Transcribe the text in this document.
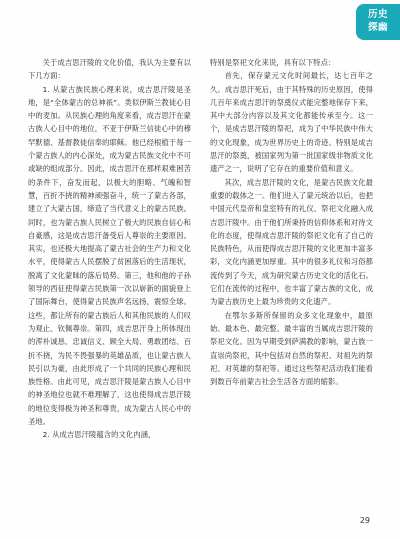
历史
探幽

关于成吉思汗陵的文化价值，我认为主要有以下几方面：

1. 从蒙古族民族心理来说，成吉思汗陵是圣地，是“全体蒙古的总神祇”。类似伊斯兰教徒心目中的麦加。从民族心理的角度来看，成吉思汗在蒙古族人心目中的地位，不亚于伊斯兰信徒心中的穆罕默德、基督教徒信奉的耶稣。他已经根植于每一个蒙古族人的内心深处，成为蒙古民族文化中不可或缺的组成部分。因此，成吉思汗在那样艰难困苦的条件下，奋发而起，以极大的胆略、气魄和智慧，百折不挠的精神顽强奋斗，统一了蒙古各部，建立了大蒙古国，缔造了当代意义上的蒙古民族。同时，也为蒙古族人民树立了极大的民族自信心和自豪感，这是成吉思汗备受后人尊崇的主要原因。其实，也还极大地提高了蒙古社会的生产力和文化水平，使得蒙古人民摆脱了贫困落后的生活现状，脱离了文化蒙昧的落后局势。第三，他和他的子孙领导的西征使得蒙古民族第一次以崭新的面貌登上了国际舞台，使得蒙古民族声名远扬，震惊全球。这些，都让所有的蒙古族后人和其他民族的人们叹为观止、钦佩尊崇。第四，成吉思汗身上所体现出的浑朴诚恳、忠诚信义、顾全大局、勇敢团结、百折不挠，为民不畏强暴的英雄品质，也让蒙古族人民引以为豪，由此形成了一个共同的民族心理和民族性格。由此可见，成吉思汗陵是蒙古族人心目中的神圣地位也就不难理解了，这也使得成吉思汗陵的地位变得极为神圣和尊贵，成为蒙古人民心中的圣地。

2. 从成吉思汗陵蕴含的文化内涵，

特别是祭祀文化来说，具有以下特点：

首先，保存蒙元文化时间最长，达七百年之久。成吉思汗死后，由于其特殊的历史原因，使得几百年来成吉思汗的祭奠仪式能完整地保存下来，其中大部分内容以及其文化都能传承至今。这一个，是成吉思汗陵的祭祀，成为了中华民族中伟大的文化现象，成为世界历史上的奇迹。特别是成吉思汗的祭奠，被国家列为第一批国家级非物质文化遗产之一，说明了它存在的重要价值和意义。

其次，成吉思汗陵的文化，是蒙古民族文化最重要的载体之一。他们进入了蒙元统治以后，也把中国元代皇帝和皇室特有的礼仪、祭祀文化融入成吉思汗陵中。由于他们所秉持的信仰体系和对待文化的态度，使得成吉思汗陵的祭祀文化有了自己的民族特色，从而使得成吉思汗陵的文化更加丰富多彩，文化内涵更加厚重。其中的很多礼仪和习俗都流传到了今天，成为研究蒙古历史文化的活化石。它们在流传的过程中，也丰富了蒙古族的文化，成为蒙古族历史上最为珍贵的文化遗产。

在鄂尔多斯所保留的众多文化现象中，最原始、最本色、最完整、最丰富的当属成吉思汗陵的祭祀文化。因为早期受到萨满教的影响，蒙古族一直崇尚祭祀，其中包括对自然的祭祀、对祖先的祭祀、对英雄的祭祀等。通过这些祭祀活动我们能看到数百年前蒙古社会生活各方面的缩影。

29
